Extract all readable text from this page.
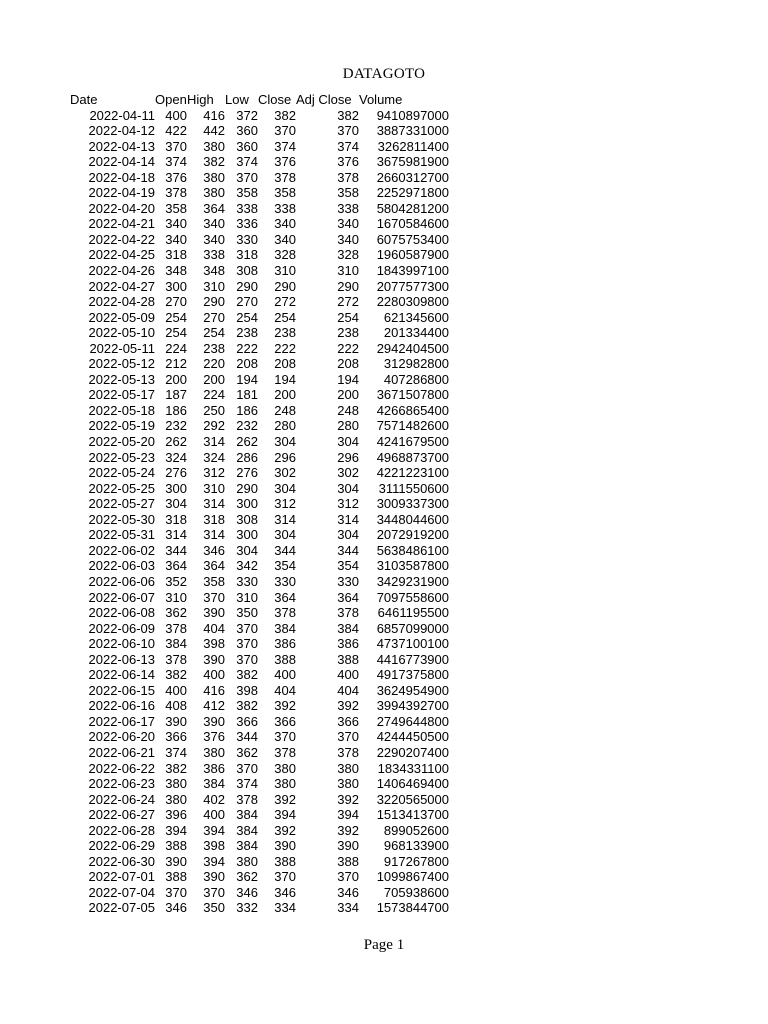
DATAGOTO
Date	Open	High	Low	Close	Adj Close	Volume
2022-04-11	400	416	372	382	382	9410897000
2022-04-12	422	442	360	370	370	3887331000
2022-04-13	370	380	360	374	374	3262811400
2022-04-14	374	382	374	376	376	3675981900
2022-04-18	376	380	370	378	378	2660312700
2022-04-19	378	380	358	358	358	2252971800
2022-04-20	358	364	338	338	338	5804281200
2022-04-21	340	340	336	340	340	1670584600
2022-04-22	340	340	330	340	340	6075753400
2022-04-25	318	338	318	328	328	1960587900
2022-04-26	348	348	308	310	310	1843997100
2022-04-27	300	310	290	290	290	2077577300
2022-04-28	270	290	270	272	272	2280309800
2022-05-09	254	270	254	254	254	621345600
2022-05-10	254	254	238	238	238	201334400
2022-05-11	224	238	222	222	222	2942404500
2022-05-12	212	220	208	208	208	312982800
2022-05-13	200	200	194	194	194	407286800
2022-05-17	187	224	181	200	200	3671507800
2022-05-18	186	250	186	248	248	4266865400
2022-05-19	232	292	232	280	280	7571482600
2022-05-20	262	314	262	304	304	4241679500
2022-05-23	324	324	286	296	296	4968873700
2022-05-24	276	312	276	302	302	4221223100
2022-05-25	300	310	290	304	304	3111550600
2022-05-27	304	314	300	312	312	3009337300
2022-05-30	318	318	308	314	314	3448044600
2022-05-31	314	314	300	304	304	2072919200
2022-06-02	344	346	304	344	344	5638486100
2022-06-03	364	364	342	354	354	3103587800
2022-06-06	352	358	330	330	330	3429231900
2022-06-07	310	370	310	364	364	7097558600
2022-06-08	362	390	350	378	378	6461195500
2022-06-09	378	404	370	384	384	6857099000
2022-06-10	384	398	370	386	386	4737100100
2022-06-13	378	390	370	388	388	4416773900
2022-06-14	382	400	382	400	400	4917375800
2022-06-15	400	416	398	404	404	3624954900
2022-06-16	408	412	382	392	392	3994392700
2022-06-17	390	390	366	366	366	2749644800
2022-06-20	366	376	344	370	370	4244450500
2022-06-21	374	380	362	378	378	2290207400
2022-06-22	382	386	370	380	380	1834331100
2022-06-23	380	384	374	380	380	1406469400
2022-06-24	380	402	378	392	392	3220565000
2022-06-27	396	400	384	394	394	1513413700
2022-06-28	394	394	384	392	392	899052600
2022-06-29	388	398	384	390	390	968133900
2022-06-30	390	394	380	388	388	917267800
2022-07-01	388	390	362	370	370	1099867400
2022-07-04	370	370	346	346	346	705938600
2022-07-05	346	350	332	334	334	1573844700
Page 1
